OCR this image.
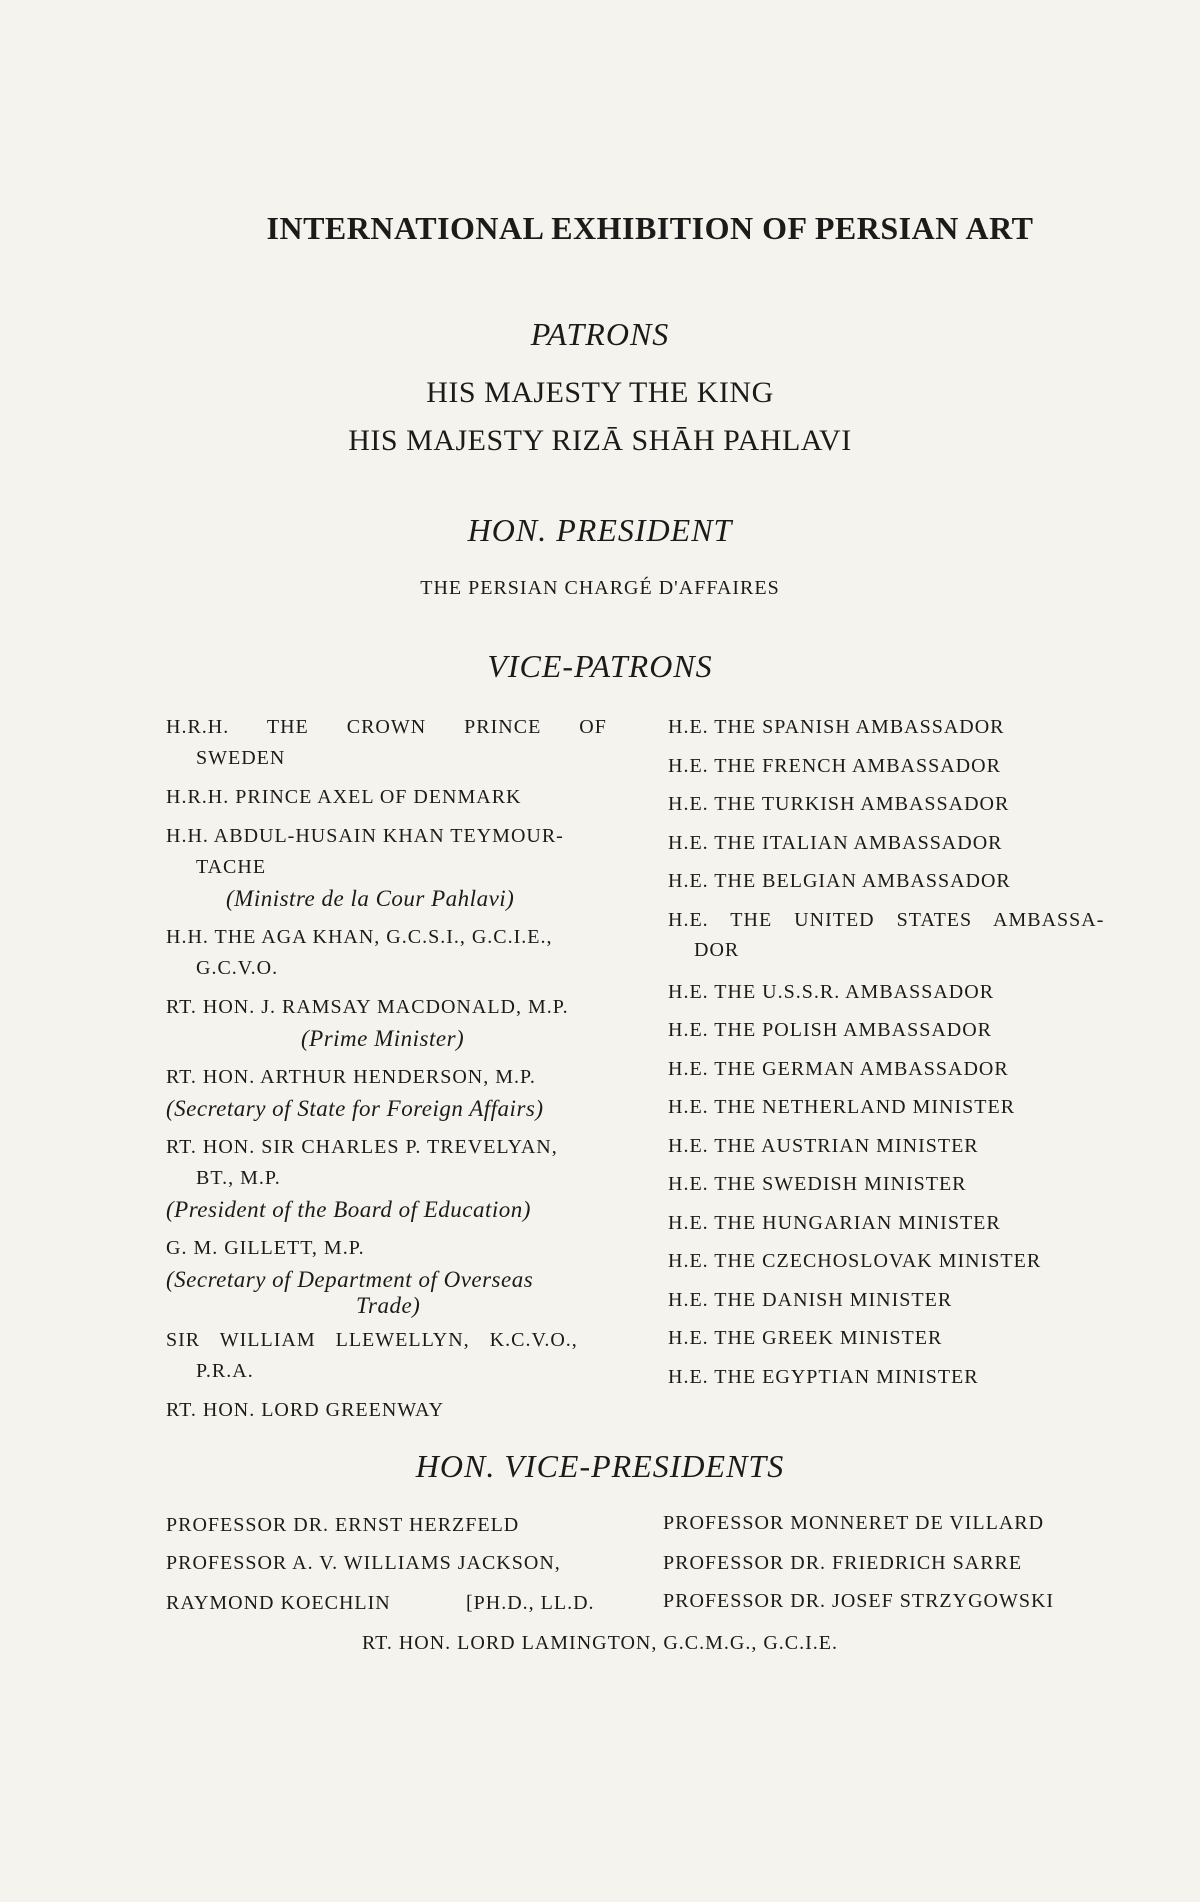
INTERNATIONAL EXHIBITION OF PERSIAN ART
PATRONS
HIS MAJESTY THE KING
HIS MAJESTY RIZĀ SHĀH PAHLAVI
HON. PRESIDENT
THE PERSIAN CHARGÉ D'AFFAIRES
VICE-PATRONS
H.R.H. THE CROWN PRINCE OF
SWEDEN
H.R.H. PRINCE AXEL OF DENMARK
H.H. ABDUL-HUSAIN KHAN TEYMOUR-
TACHE
(Ministre de la Cour Pahlavi)
H.H. THE AGA KHAN, G.C.S.I., G.C.I.E.,
G.C.V.O.
RT. HON. J. RAMSAY MACDONALD, M.P.
(Prime Minister)
RT. HON. ARTHUR HENDERSON, M.P.
(Secretary of State for Foreign Affairs)
RT. HON. SIR CHARLES P. TREVELYAN,
BT., M.P.
(President of the Board of Education)
G. M. GILLETT, M.P.
(Secretary of Department of Overseas
Trade)
SIR WILLIAM LLEWELLYN, K.C.V.O.,
P.R.A.
RT. HON. LORD GREENWAY
H.E. THE SPANISH AMBASSADOR
H.E. THE FRENCH AMBASSADOR
H.E. THE TURKISH AMBASSADOR
H.E. THE ITALIAN AMBASSADOR
H.E. THE BELGIAN AMBASSADOR
H.E. THE UNITED STATES AMBASSA-
DOR
H.E. THE U.S.S.R. AMBASSADOR
H.E. THE POLISH AMBASSADOR
H.E. THE GERMAN AMBASSADOR
H.E. THE NETHERLAND MINISTER
H.E. THE AUSTRIAN MINISTER
H.E. THE SWEDISH MINISTER
H.E. THE HUNGARIAN MINISTER
H.E. THE CZECHOSLOVAK MINISTER
H.E. THE DANISH MINISTER
H.E. THE GREEK MINISTER
H.E. THE EGYPTIAN MINISTER
HON. VICE-PRESIDENTS
PROFESSOR DR. ERNST HERZFELD
PROFESSOR A. V. WILLIAMS JACKSON,
RAYMOND KOECHLIN	[PH.D., LL.D.
PROFESSOR MONNERET DE VILLARD
PROFESSOR DR. FRIEDRICH SARRE
PROFESSOR DR. JOSEF STRZYGOWSKI
RT. HON. LORD LAMINGTON, G.C.M.G., G.C.I.E.
